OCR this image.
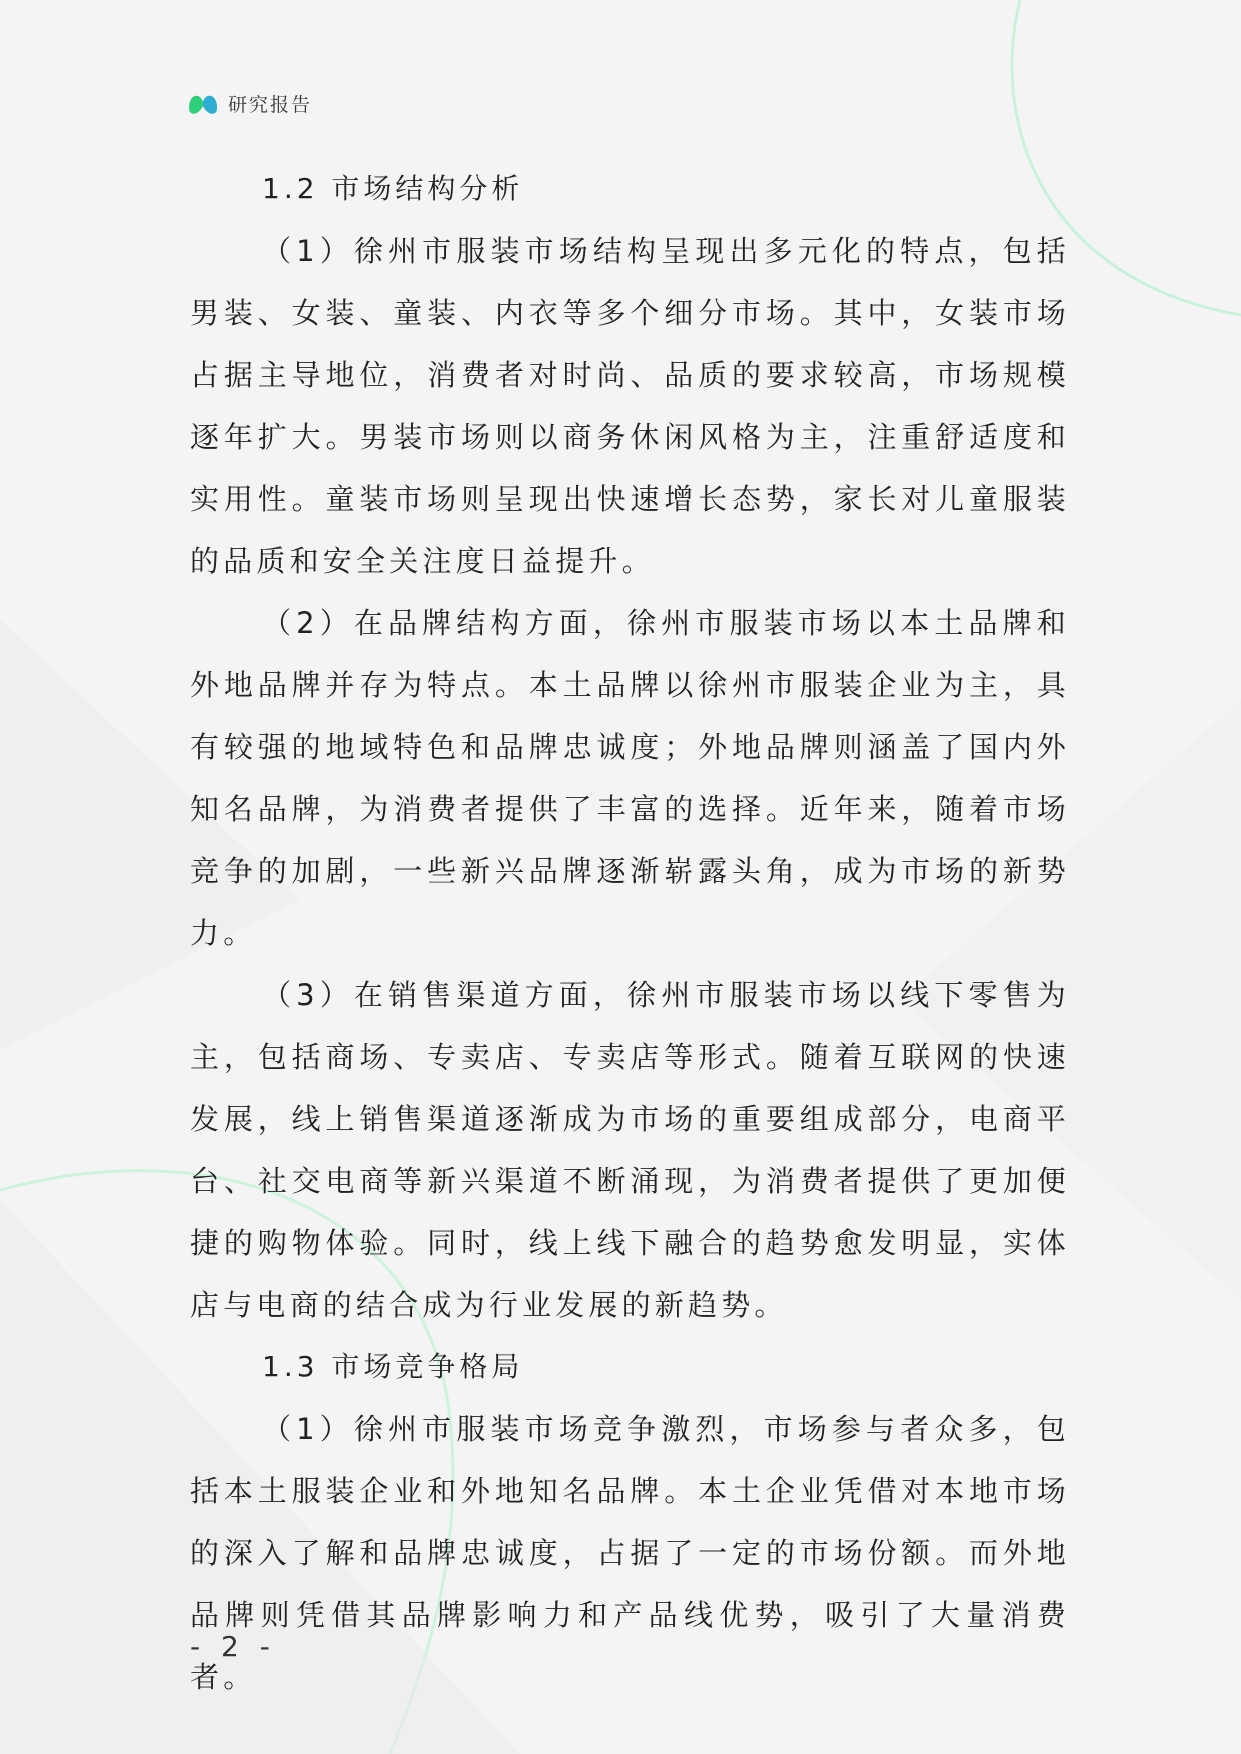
研究报告
1.2 市场结构分析

（1）徐州市服装市场结构呈现出多元化的特点，包括男装、女装、童装、内衣等多个细分市场。其中，女装市场占据主导地位，消费者对时尚、品质的要求较高，市场规模逐年扩大。男装市场则以商务休闲风格为主，注重舒适度和实用性。童装市场则呈现出快速增长态势，家长对儿童服装的品质和安全关注度日益提升。

（2）在品牌结构方面，徐州市服装市场以本土品牌和外地品牌并存为特点。本土品牌以徐州市服装企业为主，具有较强的地域特色和品牌忠诚度；外地品牌则涵盖了国内外知名品牌，为消费者提供了丰富的选择。近年来，随着市场竞争的加剧，一些新兴品牌逐渐崭露头角，成为市场的新势力。

（3）在销售渠道方面，徐州市服装市场以线下零售为主，包括商场、专卖店、专卖店等形式。随着互联网的快速发展，线上销售渠道逐渐成为市场的重要组成部分，电商平台、社交电商等新兴渠道不断涌现，为消费者提供了更加便捷的购物体验。同时，线上线下融合的趋势愈发明显，实体店与电商的结合成为行业发展的新趋势。

1.3 市场竞争格局

（1）徐州市服装市场竞争激烈，市场参与者众多，包括本土服装企业和外地知名品牌。本土企业凭借对本地市场的深入了解和品牌忠诚度，占据了一定的市场份额。而外地品牌则凭借其品牌影响力和产品线优势，吸引了大量消费者。

- 2 -
